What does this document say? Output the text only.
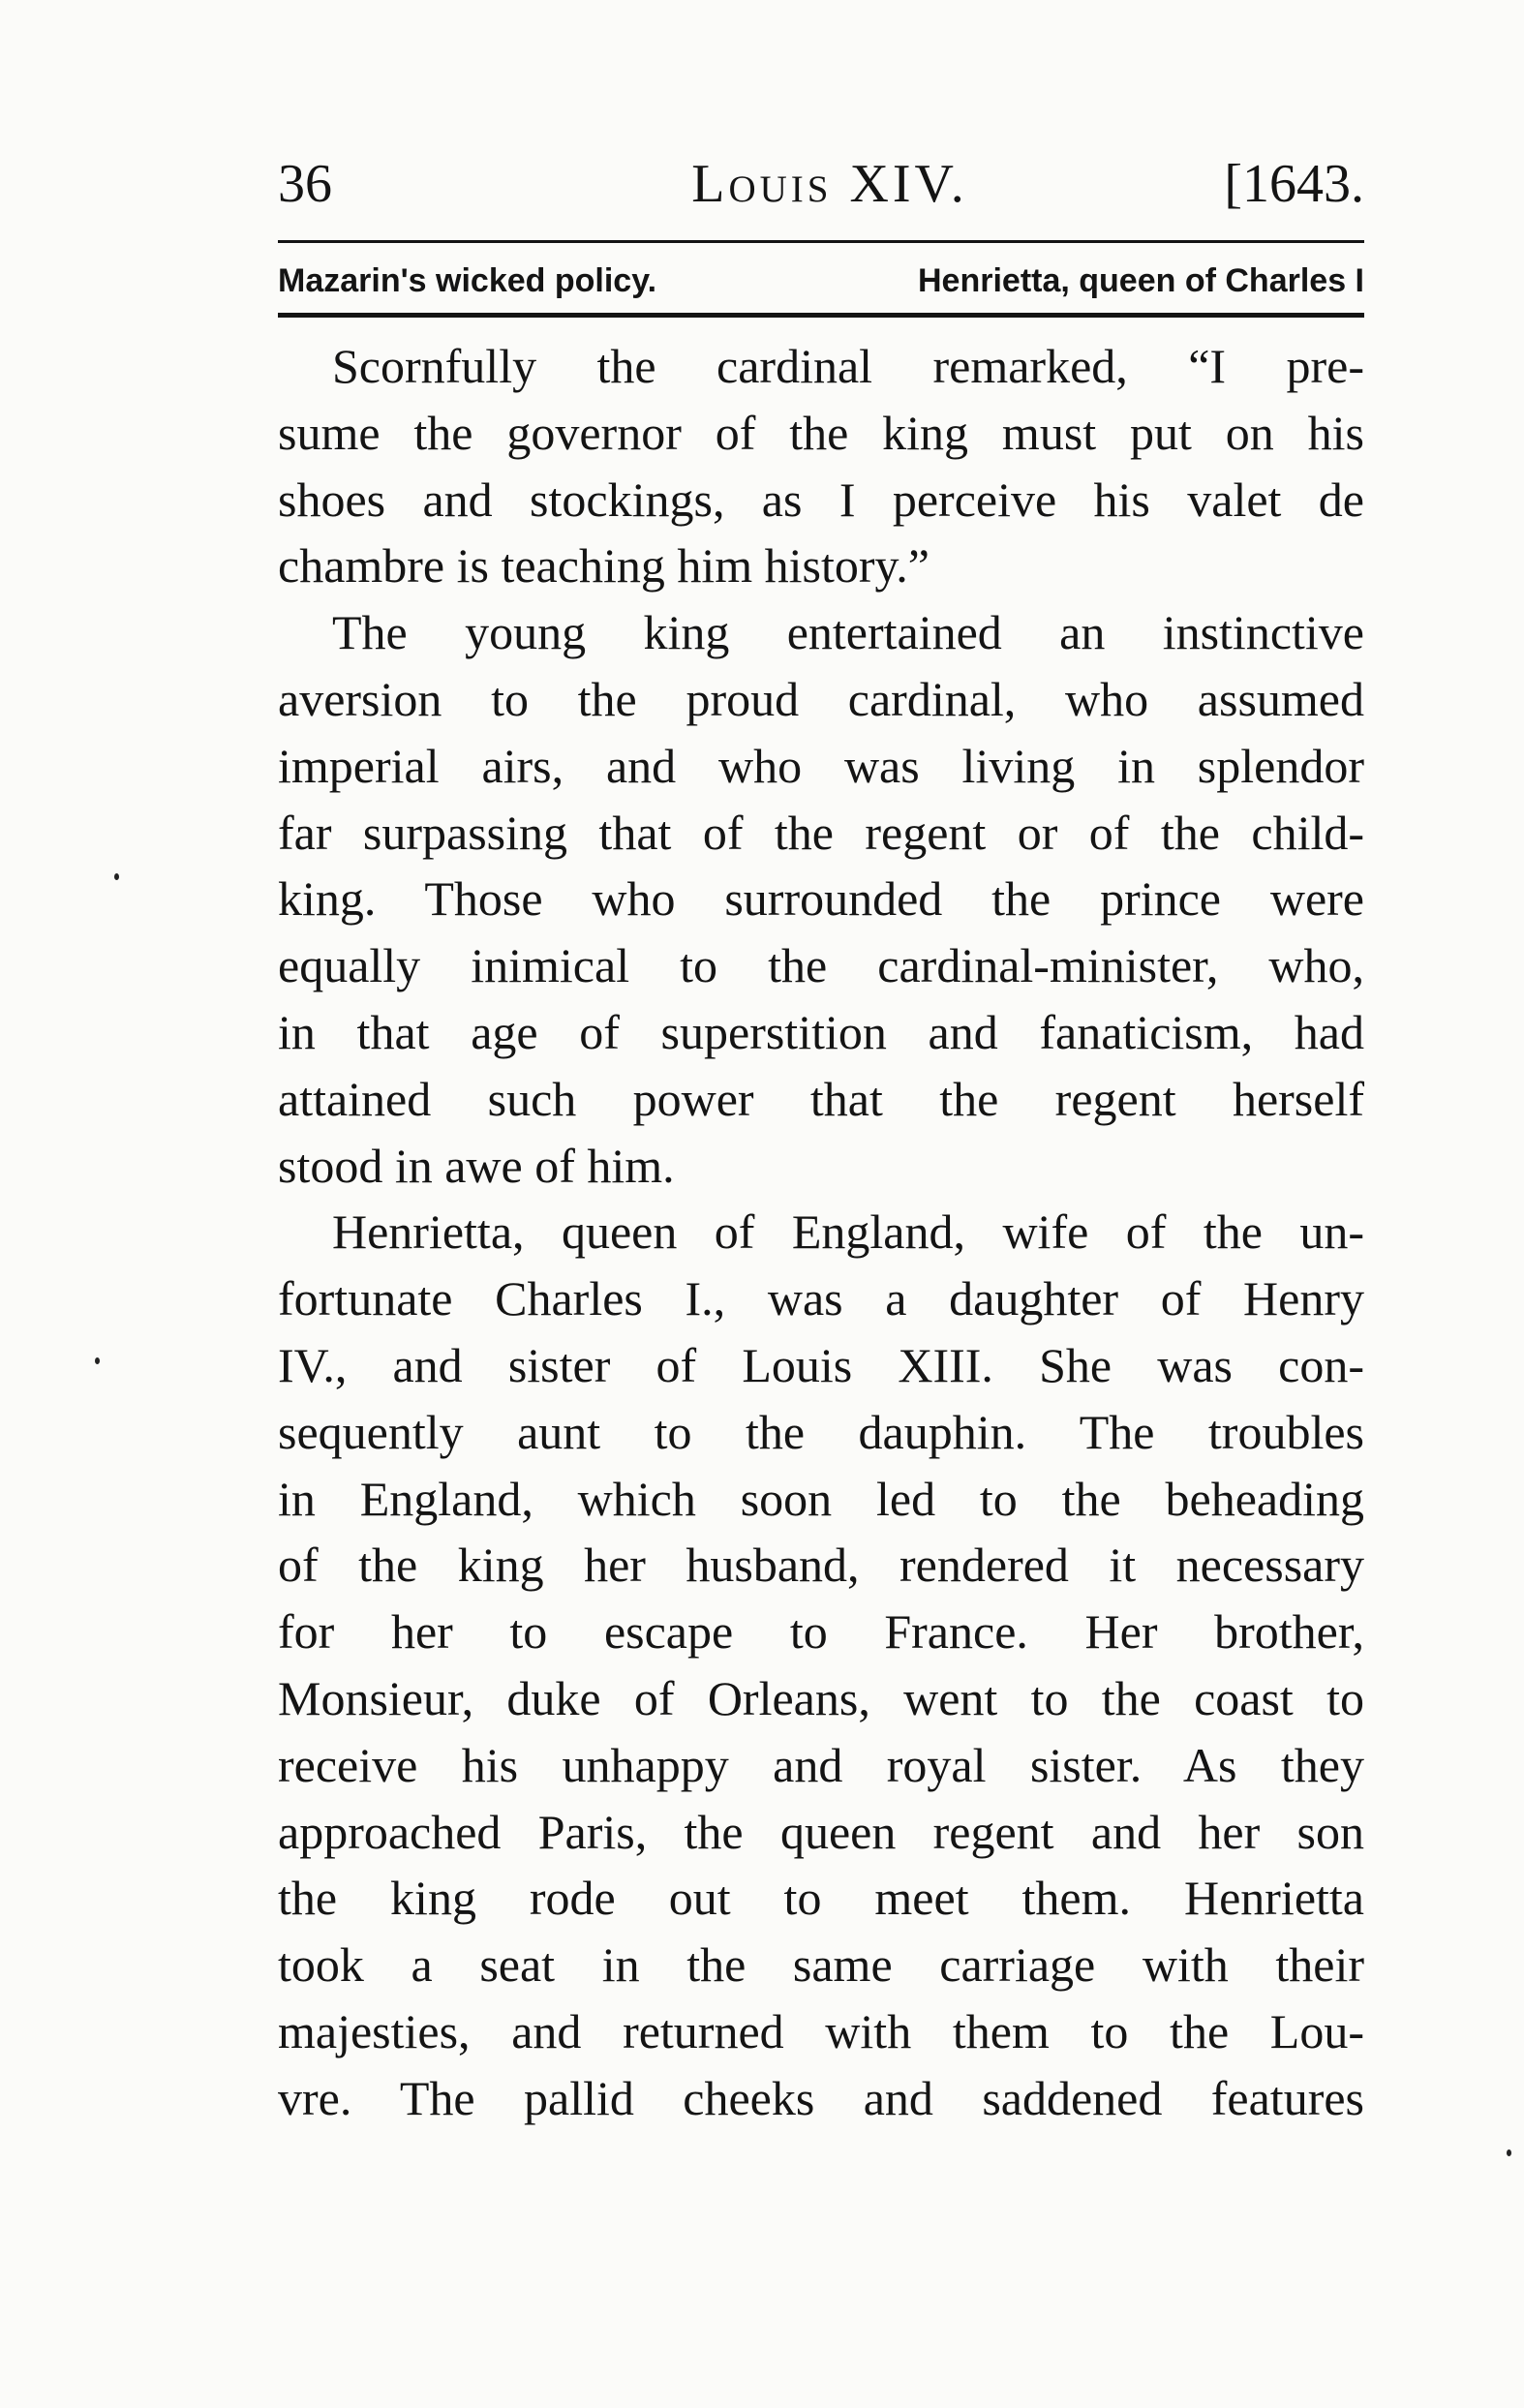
36	Louis XIV.	[1643.
Mazarin's wicked policy.	Henrietta, queen of Charles I

Scornfully the cardinal remarked, “I pre-
sume the governor of the king must put on his
shoes and stockings, as I perceive his valet de
chambre is teaching him history.”

The young king entertained an instinctive
aversion to the proud cardinal, who assumed
imperial airs, and who was living in splendor
far surpassing that of the regent or of the child-
king. Those who surrounded the prince were
equally inimical to the cardinal-minister, who,
in that age of superstition and fanaticism, had
attained such power that the regent herself
stood in awe of him.

Henrietta, queen of England, wife of the un-
fortunate Charles I., was a daughter of Henry
IV., and sister of Louis XIII. She was con-
sequently aunt to the dauphin. The troubles
in England, which soon led to the beheading
of the king her husband, rendered it necessary
for her to escape to France. Her brother,
Monsieur, duke of Orleans, went to the coast to
receive his unhappy and royal sister. As they
approached Paris, the queen regent and her son
the king rode out to meet them. Henrietta
took a seat in the same carriage with their
majesties, and returned with them to the Lou-
vre. The pallid cheeks and saddened features
